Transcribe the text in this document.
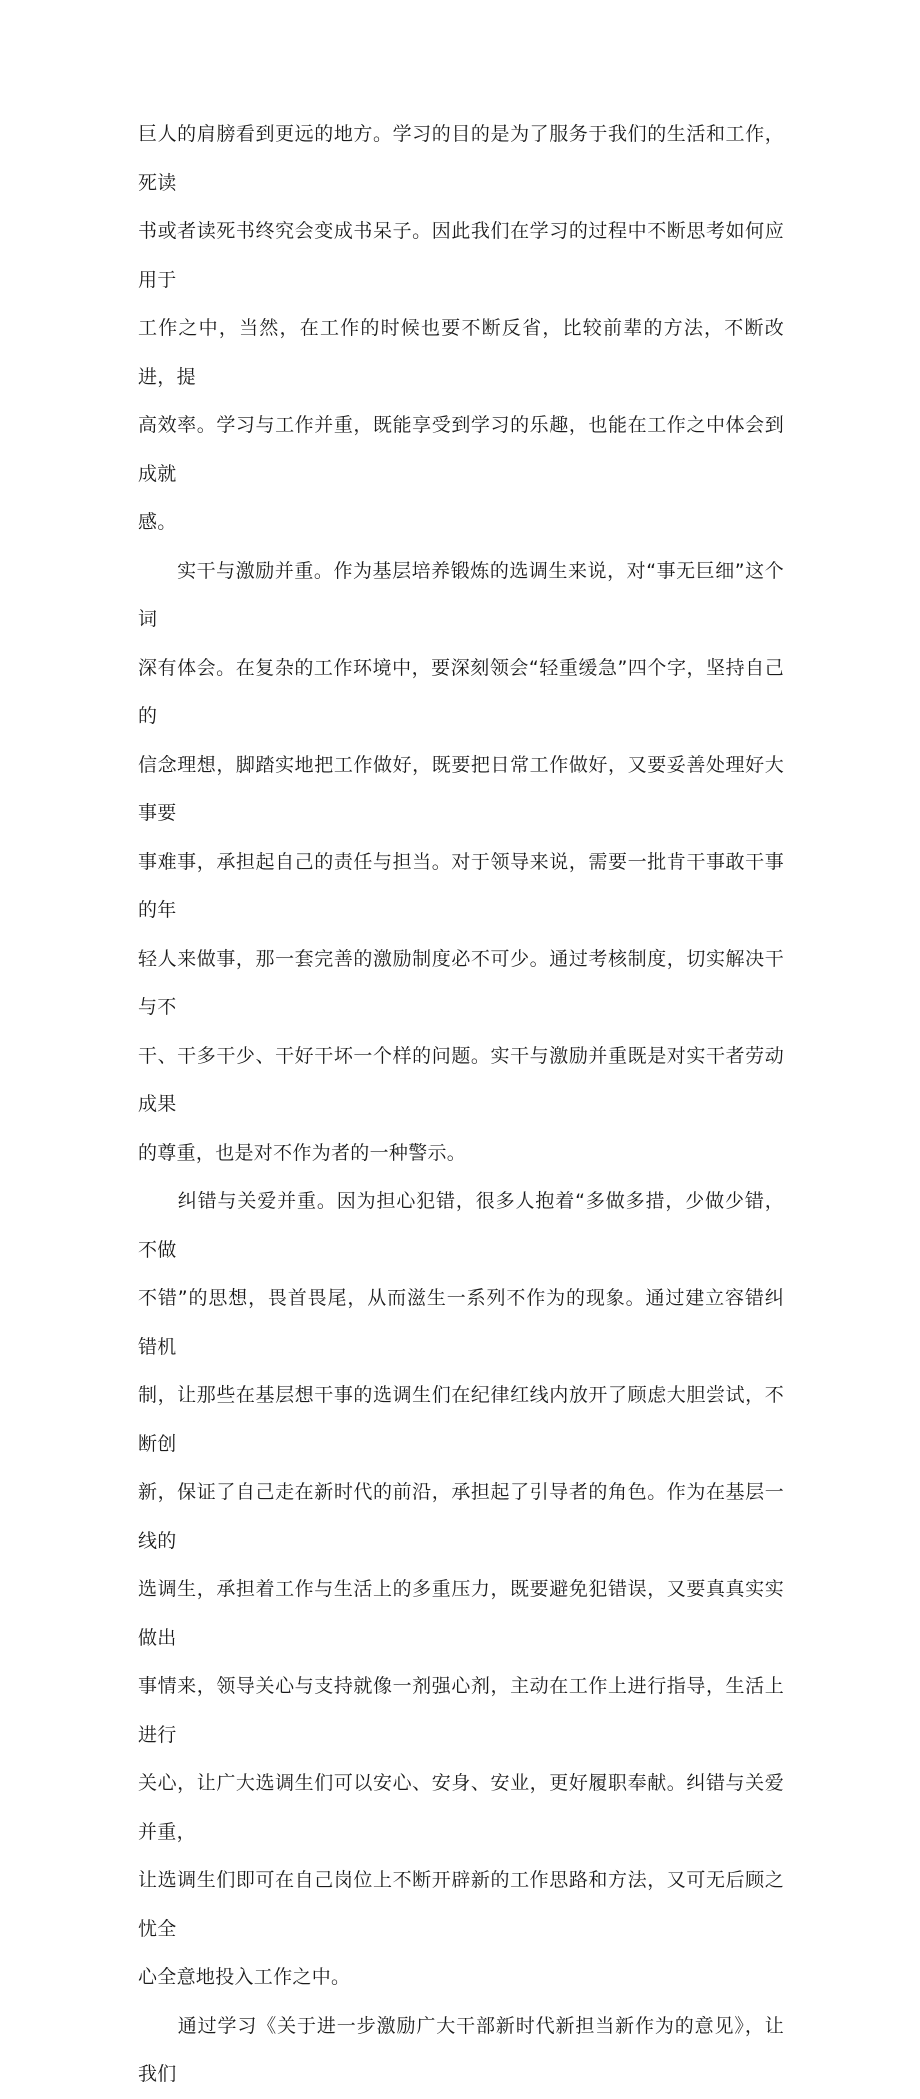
巨人的肩膀看到更远的地方。学习的目的是为了服务于我们的生活和工作，死读
书或者读死书终究会变成书呆子。因此我们在学习的过程中不断思考如何应用于
工作之中，当然，在工作的时候也要不断反省，比较前辈的方法，不断改进，提
高效率。学习与工作并重，既能享受到学习的乐趣，也能在工作之中体会到成就
感。

　　实干与激励并重。作为基层培养锻炼的选调生来说，对“事无巨细”这个词
深有体会。在复杂的工作环境中，要深刻领会“轻重缓急”四个字，坚持自己的
信念理想，脚踏实地把工作做好，既要把日常工作做好，又要妥善处理好大事要
事难事，承担起自己的责任与担当。对于领导来说，需要一批肯干事敢干事的年
轻人来做事，那一套完善的激励制度必不可少。通过考核制度，切实解决干与不
干、干多干少、干好干坏一个样的问题。实干与激励并重既是对实干者劳动成果
的尊重，也是对不作为者的一种警示。

　　纠错与关爱并重。因为担心犯错，很多人抱着“多做多措，少做少错，不做
不错”的思想，畏首畏尾，从而滋生一系列不作为的现象。通过建立容错纠错机
制，让那些在基层想干事的选调生们在纪律红线内放开了顾虑大胆尝试，不断创
新，保证了自己走在新时代的前沿，承担起了引导者的角色。作为在基层一线的
选调生，承担着工作与生活上的多重压力，既要避免犯错误，又要真真实实做出
事情来，领导关心与支持就像一剂强心剂，主动在工作上进行指导，生活上进行
关心，让广大选调生们可以安心、安身、安业，更好履职奉献。纠错与关爱并重，
让选调生们即可在自己岗位上不断开辟新的工作思路和方法，又可无后顾之忧全
心全意地投入工作之中。

　　通过学习《关于进一步激励广大干部新时代新担当新作为的意见》，让我们
